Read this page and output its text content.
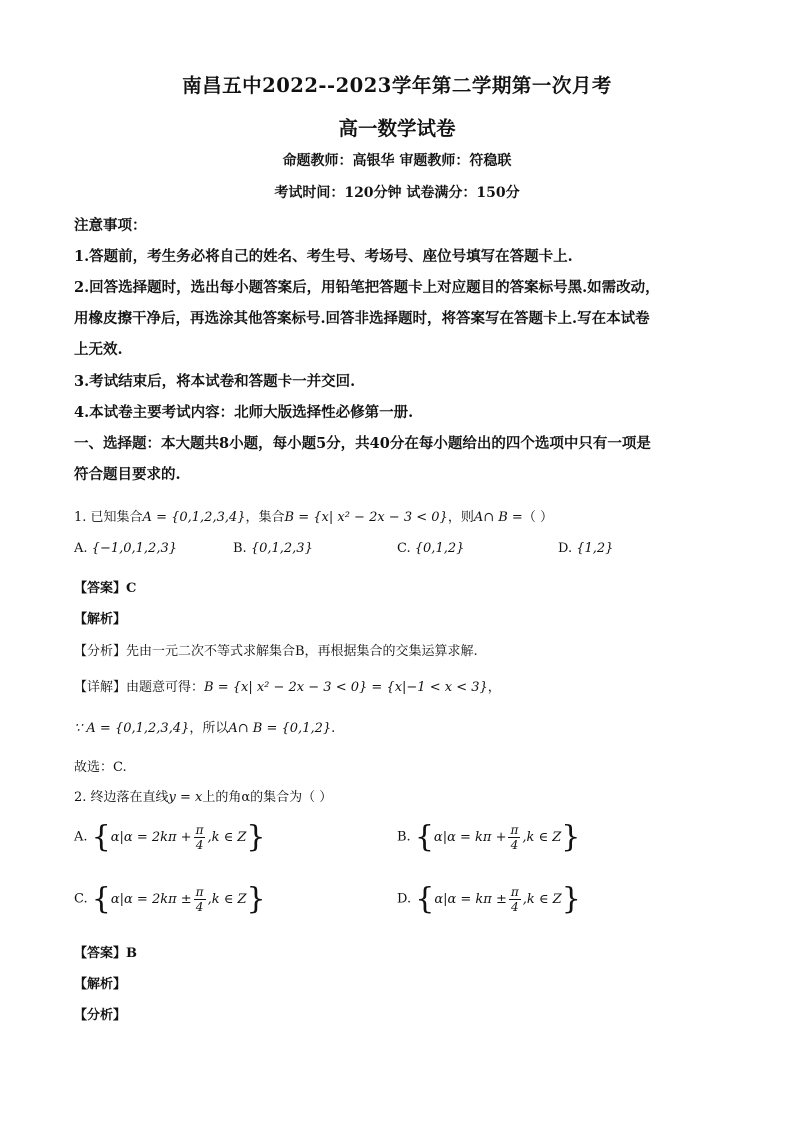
南昌五中2022--2023学年第二学期第一次月考
高一数学试卷
命题教师：高银华 审题教师：符稳联
考试时间：120分钟 试卷满分：150分
注意事项：
1.答题前，考生务必将自己的姓名、考生号、考场号、座位号填写在答题卡上.
2.回答选择题时，选出每小题答案后，用铅笔把答题卡上对应题目的答案标号黑.如需改动，
用橡皮擦干净后，再选涂其他答案标号.回答非选择题时，将答案写在答题卡上.写在本试卷
上无效.
3.考试结束后，将本试卷和答题卡一并交回.
4.本试卷主要考试内容：北师大版选择性必修第一册.
一、选择题：本大题共8小题，每小题5分，共40分在每小题给出的四个选项中只有一项是
符合题目要求的.
1. 已知集合A = {0,1,2,3,4}，集合B = {x| x² − 2x − 3 < 0}，则A∩ B =（ ）
A. {−1,0,1,2,3}	B. {0,1,2,3}	C. {0,1,2}	D. {1,2}
【答案】C
【解析】
【分析】先由一元二次不等式求解集合B，再根据集合的交集运算求解.
【详解】由题意可得：B = {x| x² − 2x − 3 < 0} = {x|−1 < x < 3}，
∵ A = {0,1,2,3,4}，所以A∩ B = {0,1,2}.
故选：C.
2. 终边落在直线y = x上的角α的集合为（ ）
A. {$\alpha|\alpha = 2k\pi + \frac{\pi}{4} ,k$ ∈ Z}	B. {$\alpha|\alpha = k\pi + \frac{\pi}{4} ,k$ ∈ Z}
C. {$\alpha|\alpha = 2k\pi \pm \frac{\pi}{4} ,k$ ∈ Z}	D. {$\alpha|\alpha = k\pi \pm \frac{\pi}{4} ,k$ ∈ Z}
【答案】B
【解析】
【分析】
